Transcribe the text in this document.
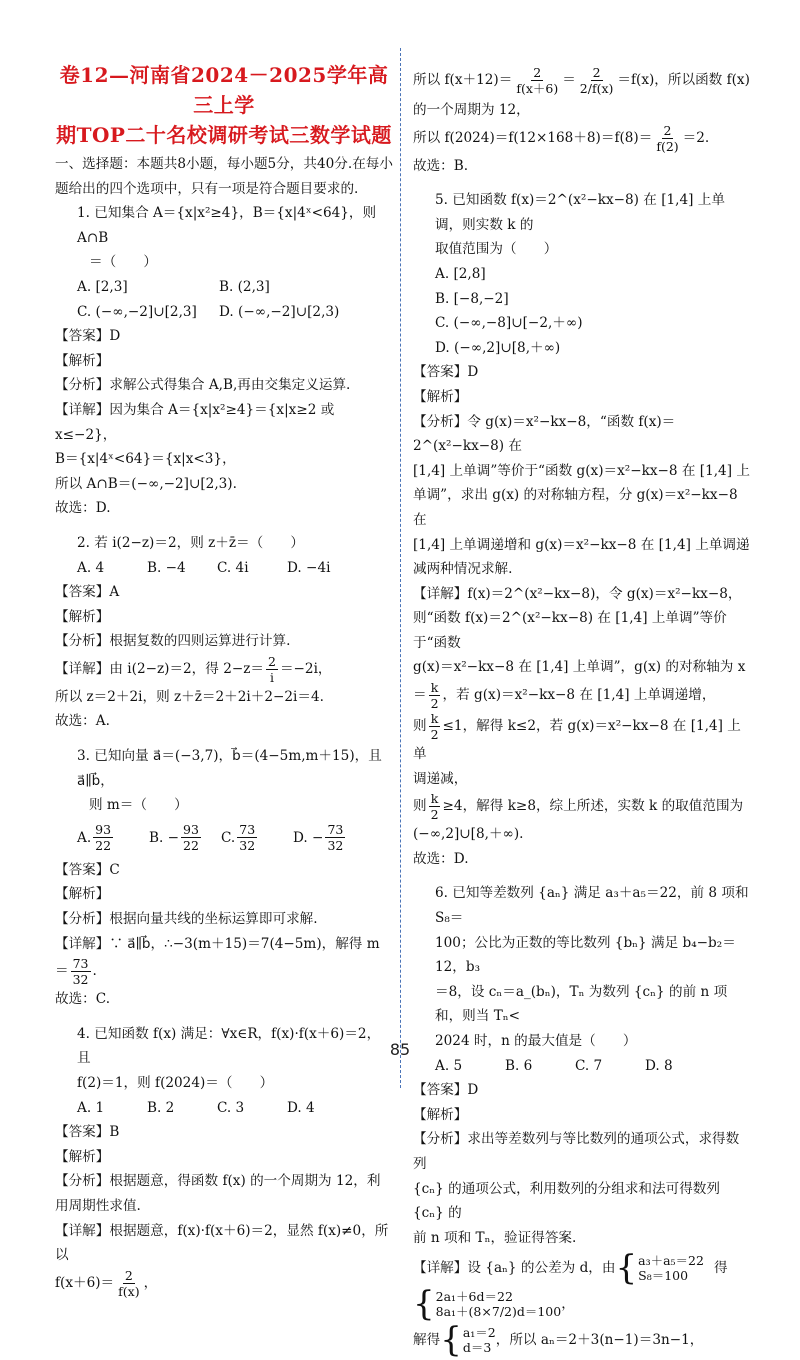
卷12—河南省2024－2025学年高三上学
期TOP二十名校调研考试三数学试题

一、选择题：本题共8小题，每小题5分，共40分.在每小题给出的四个选项中，只有一项是符合题目要求的.

1. 已知集合 A＝{x|x²≥4}，B＝{x|4ˣ<64}，则 A∩B

＝（　　）

A. [2,3]	B. (2,3]
C. (−∞,−2]∪[2,3]	D. (−∞,−2]∪[2,3)

【答案】D

【解析】

【分析】求解公式得集合 A,B,再由交集定义运算.

【详解】因为集合 A＝{x|x²≥4}＝{x|x≥2 或 x≤−2}，

B＝{x|4ˣ<64}＝{x|x<3}，

所以 A∩B＝(−∞,−2]∪[2,3).

故选：D.

2. 若 i(2−z)＝2，则 z＋z̄＝（　　）

A. 4	B. −4	C. 4i	D. −4i

【答案】A

【解析】

【分析】根据复数的四则运算进行计算.

【详解】由 i(2−z)＝2，得 $2-z= \frac{2}{i} =-2i$，

所以 z＝2＋2i，则 z＋z̄＝2＋2i＋2−2i＝4.

故选：A.

3. 已知向量 a⃗＝(−3,7)，b⃗＝(4−5m,m＋15)，且 a⃗∥b⃗，

则 m＝（　　）

A. $\frac{93}{22}$	B. − $\frac{93}{22} C$. $\frac{73}{32}$	D. − $\frac{73}{32}$

【答案】C

【解析】

【分析】根据向量共线的坐标运算即可求解.

【详解】∵ a⃗∥b⃗，∴−3(m＋15)＝7(4−5m)，解得 $m= \frac{73}{32}$ .

故选：C.

4. 已知函数 f(x) 满足：∀x∈R，f(x)·f(x＋6)＝2，且

f(2)＝1，则 f(2024)＝（　　）

A. 1	B. 2	C. 3	D. 4

【答案】B

【解析】

【分析】根据题意，得函数 f(x) 的一个周期为 12，利用周期性求值.

【详解】根据题意，f(x)·f(x＋6)＝2，显然 f(x)≠0，所以

$f(x+6)= \frac{2}{f(x)}$ ，

所以 $f(x+12)= \frac{2}{f(x+6)} = \frac{2}{2/f(x)} =f(x)$，所以函数 f(x)

的一个周期为 12，

所以 $f(2024)=f(12\times 168+8)=f(8)= \frac{2}{f(2)} =2$.

故选：B.

5. 已知函数 f(x)＝2^(x²−kx−8) 在 [1,4] 上单调，则实数 k 的

取值范围为（　　）

A. [2,8]

B. [−8,−2]

C. (−∞,−8]∪[−2,＋∞)

D. (−∞,2]∪[8,＋∞)

【答案】D

【解析】

【分析】令 g(x)＝x²−kx−8，“函数 f(x)＝2^(x²−kx−8) 在

[1,4] 上单调”等价于“函数 g(x)＝x²−kx−8 在 [1,4] 上

单调”，求出 g(x) 的对称轴方程，分 g(x)＝x²−kx−8 在

[1,4] 上单调递增和 g(x)＝x²−kx−8 在 [1,4] 上单调递

减两种情况求解.

【详解】f(x)＝2^(x²−kx−8)，令 g(x)＝x²−kx−8，

则“函数 f(x)＝2^(x²−kx−8) 在 [1,4] 上单调”等价于“函数

g(x)＝x²−kx−8 在 [1,4] 上单调”，g(x) 的对称轴为 x

＝ $\frac{k}{2}$ ，若 g(x)＝x²−kx−8 在 [1,4] 上单调递增，

则 $\frac{k}{2} \le 1$，解得 k≤2，若 g(x)＝x²−kx−8 在 [1,4] 上单

调递减，

则 $\frac{k}{2} \ge 4$，解得 k≥8，综上所述，实数 k 的取值范围为

(−∞,2]∪[8,＋∞).

故选：D.

6. 已知等差数列 {aₙ} 满足 a₃＋a₅＝22，前 8 项和 S₈＝

100；公比为正数的等比数列 {bₙ} 满足 b₄−b₂＝12，b₃

＝8，设 cₙ＝a_(bₙ)，Tₙ 为数列 {cₙ} 的前 n 项和，则当 Tₙ<

2024 时，n 的最大值是（　　）

A. 5	B. 6	C. 7	D. 8

【答案】D

【解析】

【分析】求出等差数列与等比数列的通项公式，求得数列

{cₙ} 的通项公式，利用数列的分组求和法可得数列 {cₙ} 的

前 n 项和 Tₙ，验证得答案.

【详解】设 {aₙ} 的公差为 d，由 { a₃＋a₅＝22
S₈＝100	得

{ 2a₁＋6d＝22
8a₁＋(8×7/2)d＝100 ，

解得 { a₁＝2
d＝3 ，所以 aₙ＝2＋3(n−1)＝3n−1，

85
